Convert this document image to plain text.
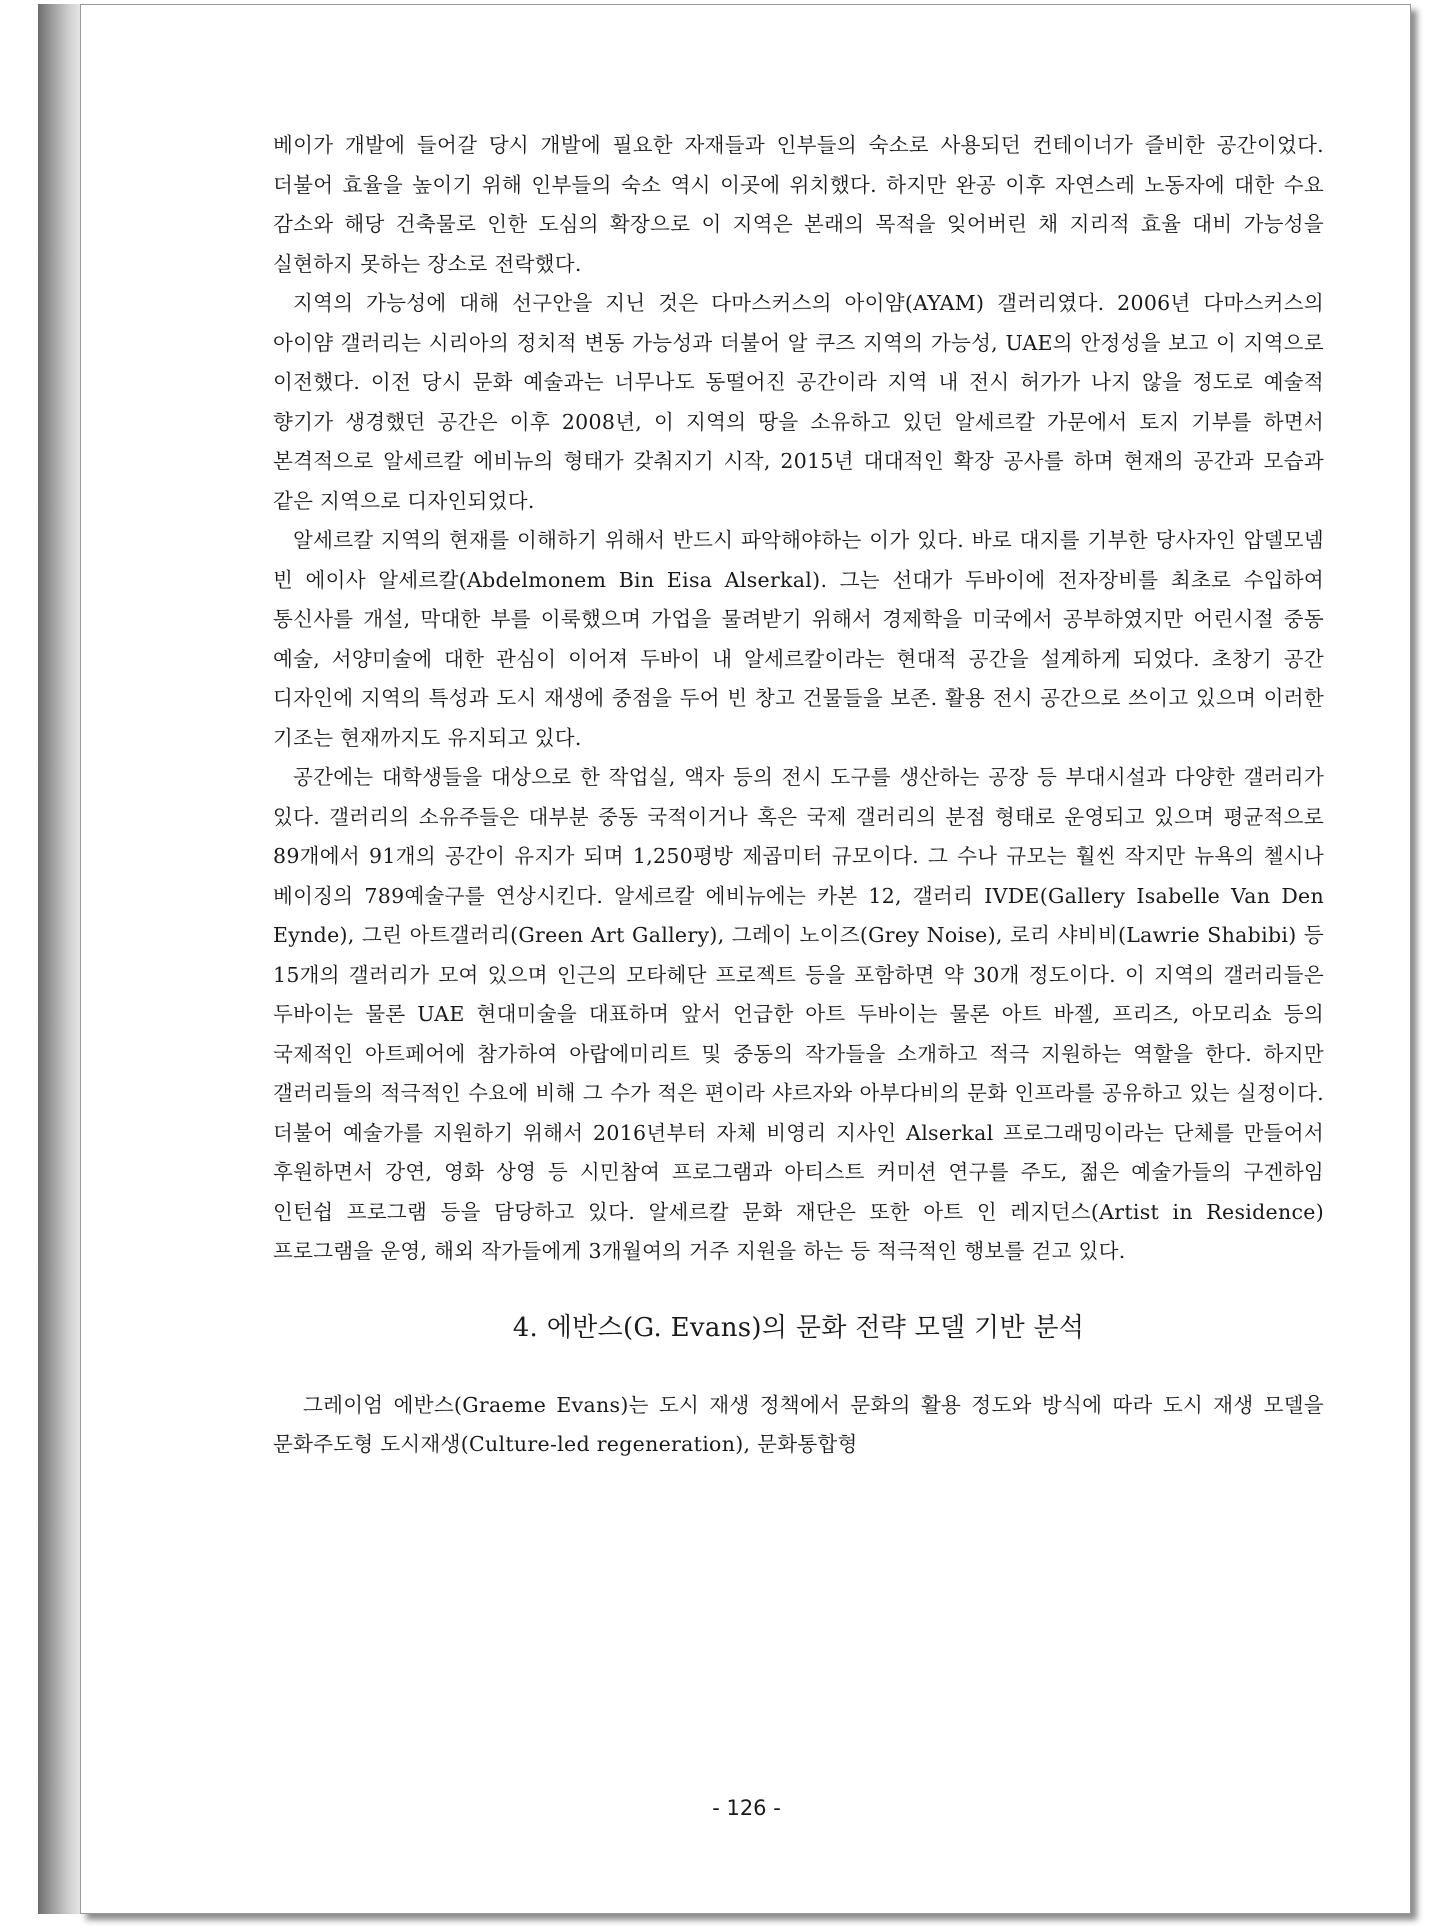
베이가 개발에 들어갈 당시 개발에 필요한 자재들과 인부들의 숙소로 사용되던 컨테이너가 즐비한 공간이었다. 더불어 효율을 높이기 위해 인부들의 숙소 역시 이곳에 위치했다. 하지만 완공 이후 자연스레 노동자에 대한 수요 감소와 해당 건축물로 인한 도심의 확장으로 이 지역은 본래의 목적을 잊어버린 채 지리적 효율 대비 가능성을 실현하지 못하는 장소로 전락했다.

지역의 가능성에 대해 선구안을 지닌 것은 다마스커스의 아이얌(AYAM) 갤러리였다. 2006년 다마스커스의 아이얌 갤러리는 시리아의 정치적 변동 가능성과 더불어 알 쿠즈 지역의 가능성, UAE의 안정성을 보고 이 지역으로 이전했다. 이전 당시 문화 예술과는 너무나도 동떨어진 공간이라 지역 내 전시 허가가 나지 않을 정도로 예술적 향기가 생경했던 공간은 이후 2008년, 이 지역의 땅을 소유하고 있던 알세르칼 가문에서 토지 기부를 하면서 본격적으로 알세르칼 에비뉴의 형태가 갖춰지기 시작, 2015년 대대적인 확장 공사를 하며 현재의 공간과 모습과 같은 지역으로 디자인되었다.

알세르칼 지역의 현재를 이해하기 위해서 반드시 파악해야하는 이가 있다. 바로 대지를 기부한 당사자인 압델모넴 빈 에이사 알세르칼(Abdelmonem Bin Eisa Alserkal). 그는 선대가 두바이에 전자장비를 최초로 수입하여 통신사를 개설, 막대한 부를 이룩했으며 가업을 물려받기 위해서 경제학을 미국에서 공부하였지만 어린시절 중동 예술, 서양미술에 대한 관심이 이어져 두바이 내 알세르칼이라는 현대적 공간을 설계하게 되었다. 초창기 공간 디자인에 지역의 특성과 도시 재생에 중점을 두어 빈 창고 건물들을 보존. 활용 전시 공간으로 쓰이고 있으며 이러한 기조는 현재까지도 유지되고 있다.

공간에는 대학생들을 대상으로 한 작업실, 액자 등의 전시 도구를 생산하는 공장 등 부대시설과 다양한 갤러리가 있다. 갤러리의 소유주들은 대부분 중동 국적이거나 혹은 국제 갤러리의 분점 형태로 운영되고 있으며 평균적으로 89개에서 91개의 공간이 유지가 되며 1,250평방 제곱미터 규모이다. 그 수나 규모는 훨씬 작지만 뉴욕의 첼시나 베이징의 789예술구를 연상시킨다. 알세르칼 에비뉴에는 카본 12, 갤러리 IVDE(Gallery Isabelle Van Den Eynde), 그린 아트갤러리(Green Art Gallery), 그레이 노이즈(Grey Noise), 로리 샤비비(Lawrie Shabibi) 등 15개의 갤러리가 모여 있으며 인근의 모타헤단 프로젝트 등을 포함하면 약 30개 정도이다. 이 지역의 갤러리들은 두바이는 물론 UAE 현대미술을 대표하며 앞서 언급한 아트 두바이는 물론 아트 바젤, 프리즈, 아모리쇼 등의 국제적인 아트페어에 참가하여 아랍에미리트 및 중동의 작가들을 소개하고 적극 지원하는 역할을 한다. 하지만 갤러리들의 적극적인 수요에 비해 그 수가 적은 편이라 샤르자와 아부다비의 문화 인프라를 공유하고 있는 실정이다. 더불어 예술가를 지원하기 위해서 2016년부터 자체 비영리 지사인 Alserkal 프로그래밍이라는 단체를 만들어서 후원하면서 강연, 영화 상영 등 시민참여 프로그램과 아티스트 커미션 연구를 주도, 젊은 예술가들의 구겐하임 인턴쉽 프로그램 등을 담당하고 있다. 알세르칼 문화 재단은 또한 아트 인 레지던스(Artist in Residence)프로그램을 운영, 해외 작가들에게 3개월여의 거주 지원을 하는 등 적극적인 행보를 걷고 있다.

4. 에반스(G. Evans)의 문화 전략 모델 기반 분석

그레이엄 에반스(Graeme Evans)는 도시 재생 정책에서 문화의 활용 정도와 방식에 따라 도시 재생 모델을 문화주도형 도시재생(Culture-led regeneration), 문화통합형

- 126 -
